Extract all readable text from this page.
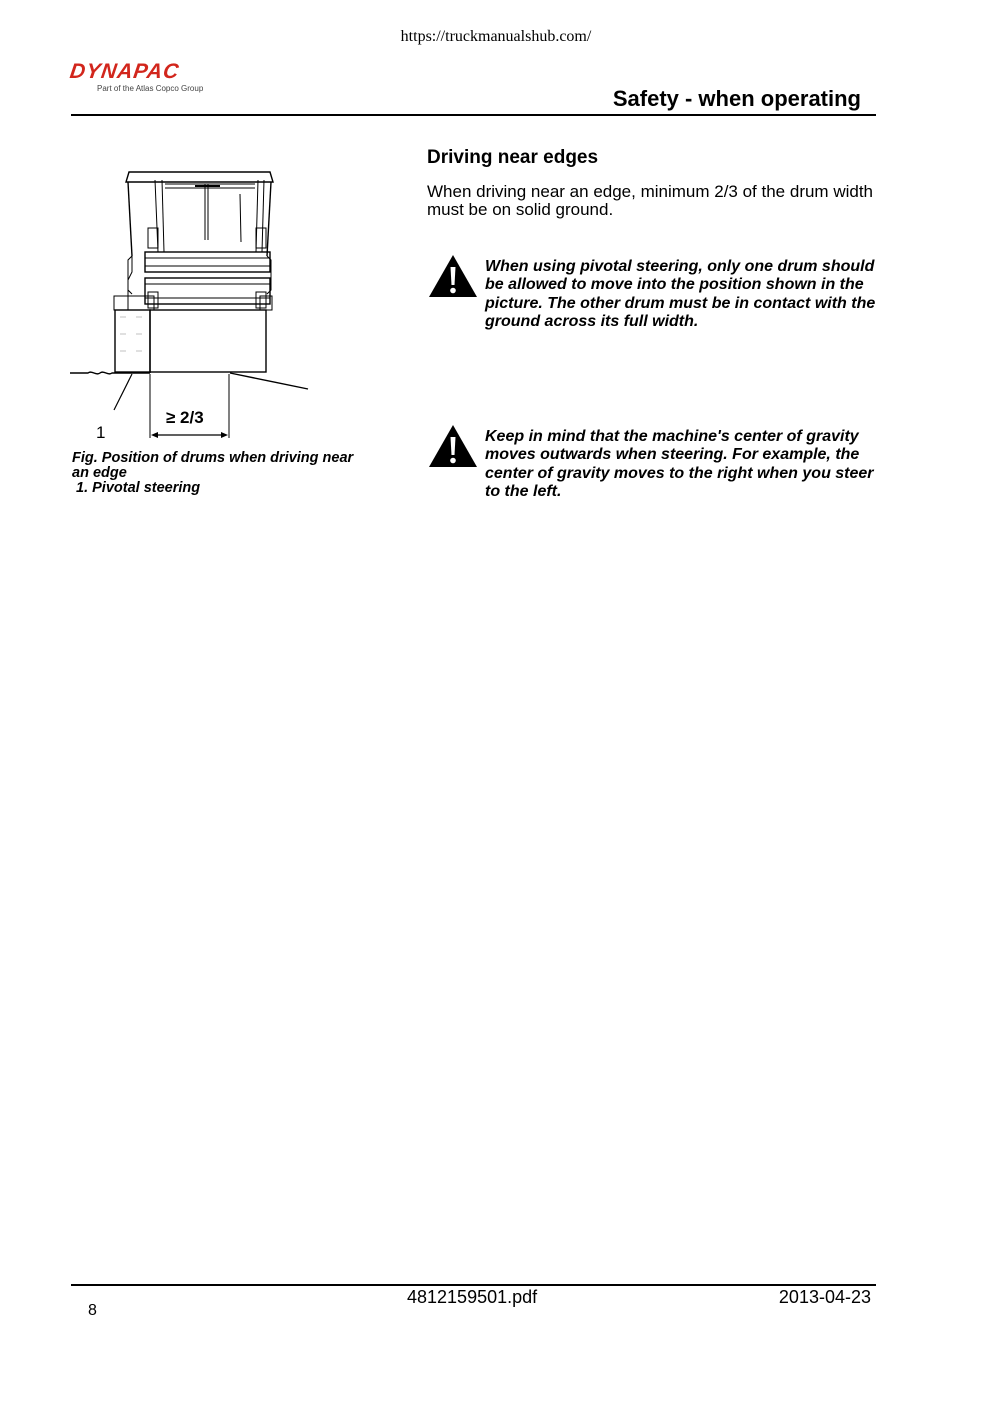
https://truckmanualshub.com/
DYNAPAC
Part of the Atlas Copco Group	Safety - when operating
1
≥ 2/3
Fig. Position of drums when driving near an edge
1. Pivotal steering
Driving near edges
When driving near an edge, minimum 2/3 of the drum width must be on solid ground.
When using pivotal steering, only one drum should be allowed to move into the position shown in the picture. The other drum must be in contact with the ground across its full width.
Keep in mind that the machine's center of gravity moves outwards when steering. For example, the center of gravity moves to the right when you steer to the left.
8
4812159501.pdf	2013-04-23
